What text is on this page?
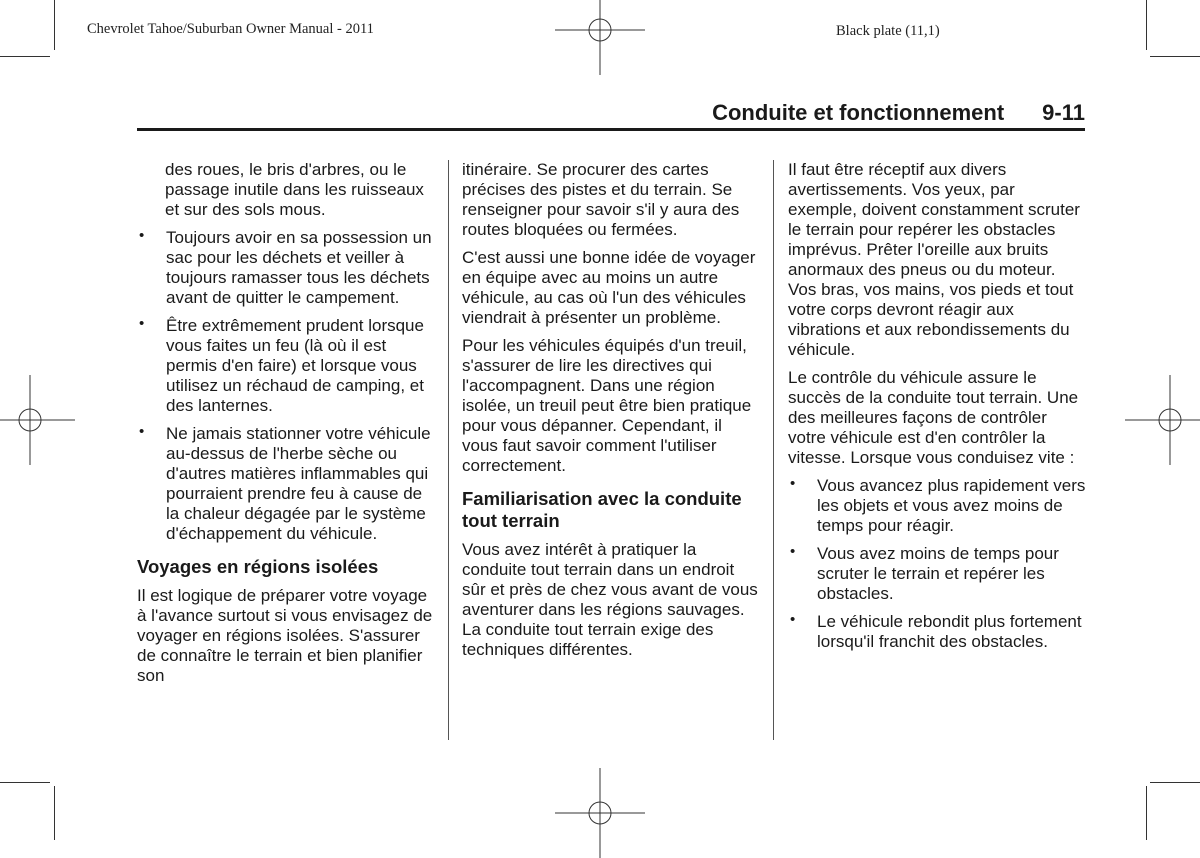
Chevrolet Tahoe/Suburban Owner Manual - 2011	Black plate (11,1)
Conduite et fonctionnement 9-11

des roues, le bris d'arbres, ou le passage inutile dans les ruisseaux et sur des sols mous.

• Toujours avoir en sa possession un sac pour les déchets et veiller à toujours ramasser tous les déchets avant de quitter le campement.
• Être extrêmement prudent lorsque vous faites un feu (là où il est permis d'en faire) et lorsque vous utilisez un réchaud de camping, et des lanternes.
• Ne jamais stationner votre véhicule au-dessus de l'herbe sèche ou d'autres matières inflammables qui pourraient prendre feu à cause de la chaleur dégagée par le système d'échappement du véhicule.
Voyages en régions isolées

Il est logique de préparer votre voyage à l'avance surtout si vous envisagez de voyager en régions isolées. S'assurer de connaître le terrain et bien planifier son

itinéraire. Se procurer des cartes précises des pistes et du terrain. Se renseigner pour savoir s'il y aura des routes bloquées ou fermées.

C'est aussi une bonne idée de voyager en équipe avec au moins un autre véhicule, au cas où l'un des véhicules viendrait à présenter un problème.

Pour les véhicules équipés d'un treuil, s'assurer de lire les directives qui l'accompagnent. Dans une région isolée, un treuil peut être bien pratique pour vous dépanner. Cependant, il vous faut savoir comment l'utiliser correctement.

Familiarisation avec la conduite tout terrain

Vous avez intérêt à pratiquer la conduite tout terrain dans un endroit sûr et près de chez vous avant de vous aventurer dans les régions sauvages. La conduite tout terrain exige des techniques différentes.

Il faut être réceptif aux divers avertissements. Vos yeux, par exemple, doivent constamment scruter le terrain pour repérer les obstacles imprévus. Prêter l'oreille aux bruits anormaux des pneus ou du moteur. Vos bras, vos mains, vos pieds et tout votre corps devront réagir aux vibrations et aux rebondissements du véhicule.

Le contrôle du véhicule assure le succès de la conduite tout terrain. Une des meilleures façons de contrôler votre véhicule est d'en contrôler la vitesse. Lorsque vous conduisez vite :

• Vous avancez plus rapidement vers les objets et vous avez moins de temps pour réagir.
• Vous avez moins de temps pour scruter le terrain et repérer les obstacles.
• Le véhicule rebondit plus fortement lorsqu'il franchit des obstacles.
